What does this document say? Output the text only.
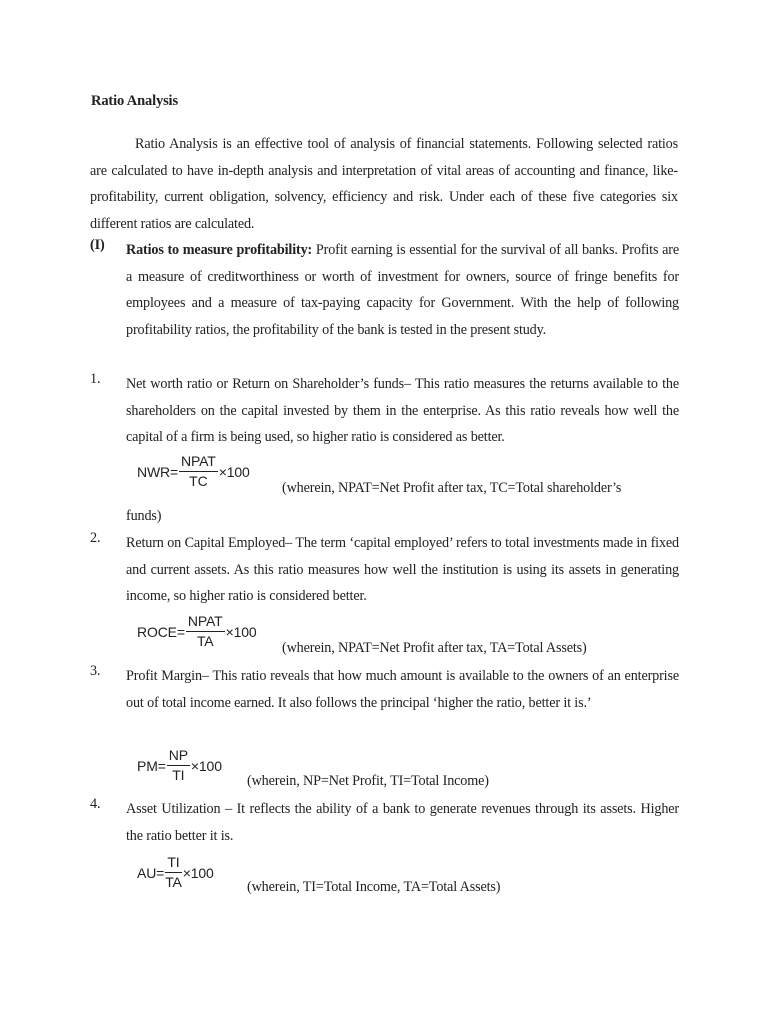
Ratio Analysis
Ratio Analysis is an effective tool of analysis of financial statements. Following selected ratios are calculated to have in-depth analysis and interpretation of vital areas of accounting and finance, like- profitability, current obligation, solvency, efficiency and risk. Under each of these five categories six different ratios are calculated.
(I) Ratios to measure profitability: Profit earning is essential for the survival of all banks. Profits are a measure of creditworthiness or worth of investment for owners, source of fringe benefits for employees and a measure of tax-paying capacity for Government. With the help of following profitability ratios, the profitability of the bank is tested in the present study.
1. Net worth ratio or Return on Shareholder’s funds– This ratio measures the returns available to the shareholders on the capital invested by them in the enterprise. As this ratio reveals how well the capital of a firm is being used, so higher ratio is considered as better.
NWR = $\frac{\text{NPAT}}{TC} \times 100$
(wherein, NPAT=Net Profit after tax, TC=Total shareholder’s
funds)
2. Return on Capital Employed– The term ‘capital employed’ refers to total investments made in fixed and current assets. As this ratio measures how well the institution is using its assets in generating income, so higher ratio is considered better.
ROCE = $\frac{\text{NPAT}}{TA} \times 100$
(wherein, NPAT=Net Profit after tax, TA=Total Assets)
3. Profit Margin– This ratio reveals that how much amount is available to the owners of an enterprise out of total income earned. It also follows the principal ‘higher the ratio, better it is.’
PM = $\frac{NP}{TI} \times 100$
(wherein, NP=Net Profit, TI=Total Income)
4. Asset Utilization – It reflects the ability of a bank to generate revenues through its assets. Higher the ratio better it is.
AU = $\frac{TI}{TA} \times 100$
(wherein, TI=Total Income, TA=Total Assets)
